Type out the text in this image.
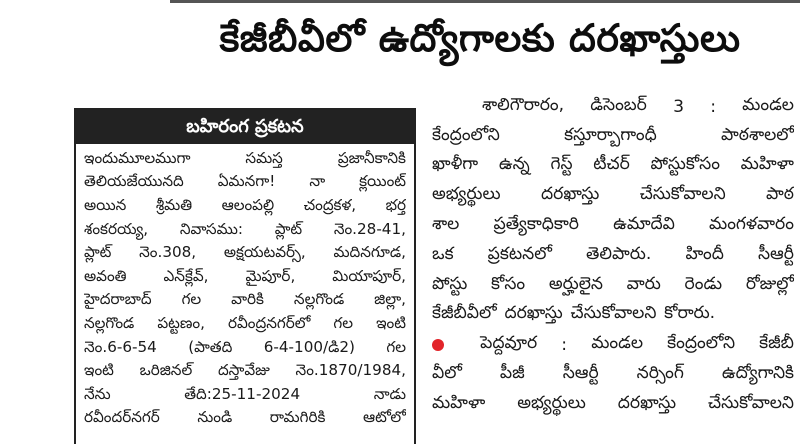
కేజీబీవీలో ఉద్యోగాలకు దరఖాస్తులు
బహిరంగ ప్రకటన
ఇందుమూలముగా	సమస్త	ప్రజానీకానికి
తెలియజేయునది ఏమనగా! నా క్లయింట్
అయిన శ్రీమతి ఆలంపల్లి చంద్రకళ, భర్త
శంకరయ్య, నివాసము: ప్లాట్ నెం.28-41,
ప్లాట్ నెం.308, అక్షయటవర్స్, మదినగూడ,
అవంతి ఎన్‌క్లేవ్, మైపూర్, మియాపూర్,
హైదరాబాద్ గల వారికి నల్లగొండ జిల్లా,
నల్లగొండ పట్టణం, రవీంద్రనగర్‌లో గల ఇంటి
నెం.6-6-54 (పాతది 6-4-100/డి2) గల
ఇంటి ఒరిజినల్ దస్తావేజు నెం.1870/1984,
నేను	తేది:25-11-2024	నాడు
రవీందర్‌నగర్ నుండి రామగిరికి ఆటోలో
శాలిగౌరారం, డిసెంబర్ 3 : మండల
కేంద్రంలోని	కస్తూర్బాగాంధీ	పాఠశాలలో
ఖాళీగా ఉన్న గెస్ట్ టీచర్ పోస్టుకోసం మహిళా
అభ్యర్థులు దరఖాస్తు చేసుకోవాలని పాఠ
శాల ప్రత్యేకాధికారి ఉమాదేవి మంగళవారం
ఒక ప్రకటనలో తెలిపారు. హిందీ సీఆర్టీ
పోస్టు కోసం అర్హులైన వారు రెండు రోజుల్లో
కేజీబీవీలో దరఖాస్తు చేసుకోవాలని కోరారు.
పెద్దవూర : మండల కేంద్రంలోని కేజీబీ
వీలో పీజీ సీఆర్టీ నర్సింగ్ ఉద్యోగానికి
మహిళా అభ్యర్థులు దరఖాస్తు చేసుకోవాలని
